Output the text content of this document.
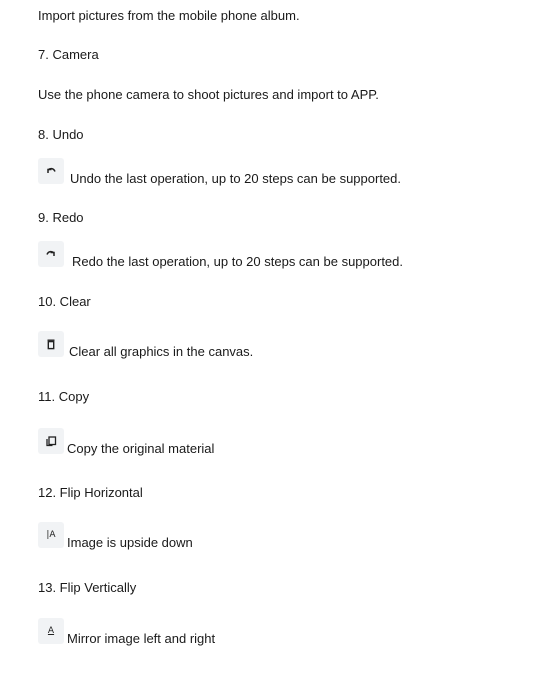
Import pictures from the mobile phone album.
7. Camera
Use the phone camera to shoot pictures and import to APP.
8. Undo
Undo the last operation, up to 20 steps can be supported.
9. Redo
Redo the last operation, up to 20 steps can be supported.
10. Clear
Clear all graphics in the canvas.
11. Copy
Copy the original material
12. Flip Horizontal
|A Image is upside down
13. Flip Vertically
A Mirror image left and right
